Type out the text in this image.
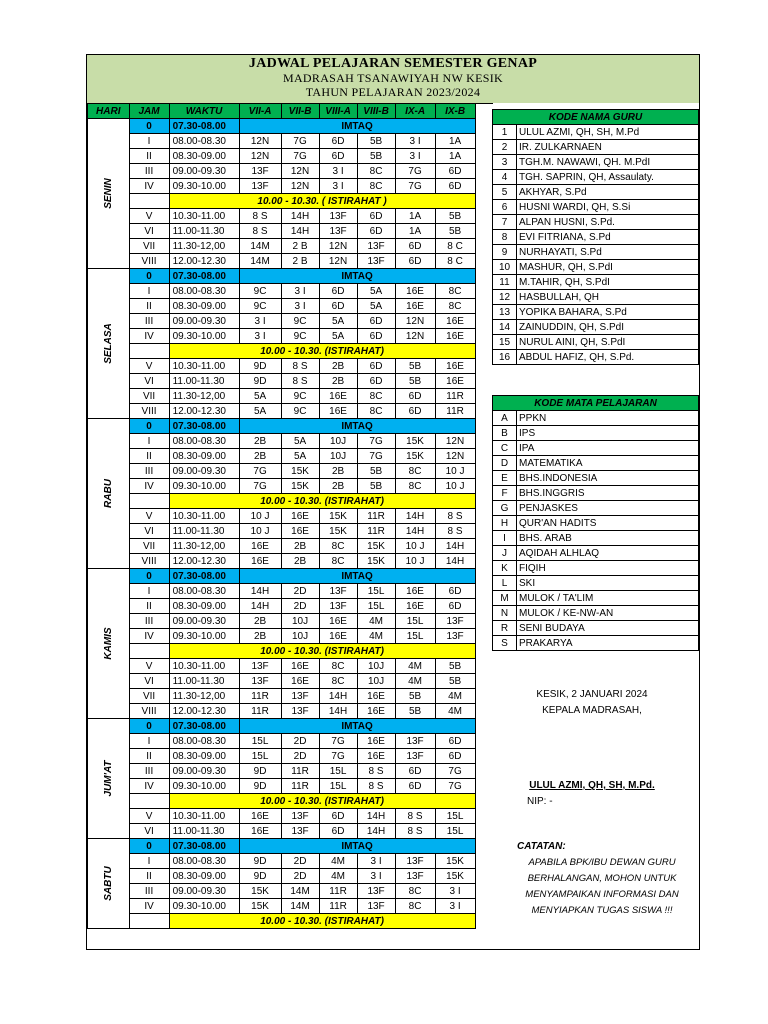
JADWAL PELAJARAN SEMESTER GENAP
MADRASAH TSANAWIYAH NW KESIK
TAHUN PELAJARAN 2023/2024
HARI	JAM	WAKTU	VII-A	VII-B	VIII-A	VIII-B	IX-A	IX-B

SENIN	0	07.30-08.00	IMTAQ					
	I	08.00-08.30	12N	7G	6D	5B	3 I	1A
	II	08.30-09.00	12N	7G	6D	5B	3 I	1A
	III	09.00-09.30	13F	12N	3 I	8C	7G	6D
	IV	09.30-10.00	13F	12N	3 I	8C	7G	6D
		10.00 - 10.30. ( ISTIRAHAT )						
	V	10.30-11.00	8 S	14H	13F	6D	1A	5B
	VI	11.00-11.30	8 S	14H	13F	6D	1A	5B
	VII	11.30-12,00	14M	2 B	12N	13F	6D	8 C
	VIII	12.00-12.30	14M	2 B	12N	13F	6D	8 C

SELASA	0	07.30-08.00	IMTAQ					
	I	08.00-08.30	9C	3 I	6D	5A	16E	8C
	II	08.30-09.00	9C	3 I	6D	5A	16E	8C
	III	09.00-09.30	3 I	9C	5A	6D	12N	16E
	IV	09.30-10.00	3 I	9C	5A	6D	12N	16E
		10.00 - 10.30. (ISTIRAHAT)						
	V	10.30-11.00	9D	8 S	2B	6D	5B	16E
	VI	11.00-11.30	9D	8 S	2B	6D	5B	16E
	VII	11.30-12,00	5A	9C	16E	8C	6D	11R
	VIII	12.00-12.30	5A	9C	16E	8C	6D	11R

RABU	0	07.30-08.00	IMTAQ					
	I	08.00-08.30	2B	5A	10J	7G	15K	12N
	II	08.30-09.00	2B	5A	10J	7G	15K	12N
	III	09.00-09.30	7G	15K	2B	5B	8C	10 J
	IV	09.30-10.00	7G	15K	2B	5B	8C	10 J
		10.00 - 10.30. (ISTIRAHAT)						
	V	10.30-11.00	10 J	16E	15K	11R	14H	8 S
	VI	11.00-11.30	10 J	16E	15K	11R	14H	8 S
	VII	11.30-12,00	16E	2B	8C	15K	10 J	14H
	VIII	12.00-12.30	16E	2B	8C	15K	10 J	14H

KAMIS	0	07.30-08.00	IMTAQ					
	I	08.00-08.30	14H	2D	13F	15L	16E	6D
	II	08.30-09.00	14H	2D	13F	15L	16E	6D
	III	09.00-09.30	2B	10J	16E	4M	15L	13F
	IV	09.30-10.00	2B	10J	16E	4M	15L	13F
		10.00 - 10.30. (ISTIRAHAT)						
	V	10.30-11.00	13F	16E	8C	10J	4M	5B
	VI	11.00-11.30	13F	16E	8C	10J	4M	5B
	VII	11.30-12,00	11R	13F	14H	16E	5B	4M
	VIII	12.00-12.30	11R	13F	14H	16E	5B	4M

JUM'AT	0	07.30-08.00	IMTAQ					
	I	08.00-08.30	15L	2D	7G	16E	13F	6D
	II	08.30-09.00	15L	2D	7G	16E	13F	6D
	III	09.00-09.30	9D	11R	15L	8 S	6D	7G
	IV	09.30-10.00	9D	11R	15L	8 S	6D	7G
		10.00 - 10.30. (ISTIRAHAT)						
	V	10.30-11.00	16E	13F	6D	14H	8 S	15L
	VI	11.00-11.30	16E	13F	6D	14H	8 S	15L

SABTU	0	07.30-08.00	IMTAQ					
	I	08.00-08.30	9D	2D	4M	3 I	13F	15K
	II	08.30-09.00	9D	2D	4M	3 I	13F	15K
	III	09.00-09.30	15K	14M	11R	13F	8C	3 I
	IV	09.30-10.00	15K	14M	11R	13F	8C	3 I
		10.00 - 10.30. (ISTIRAHAT)						

KODE NAMA GURU	
1	ULUL AZMI, QH, SH, M.Pd
2	IR. ZULKARNAEN
3	TGH.M. NAWAWI, QH. M.PdI
4	TGH. SAPRIN, QH, Assaulaty.
5	AKHYAR, S.Pd
6	HUSNI WARDI, QH, S.Si
7	ALPAN HUSNI, S.Pd.
8	EVI FITRIANA, S.Pd
9	NURHAYATI, S.Pd
10	MASHUR, QH, S.PdI
11	M.TAHIR, QH, S.PdI
12	HASBULLAH, QH
13	YOPIKA BAHARA, S.Pd
14	ZAINUDDIN, QH, S.PdI
15	NURUL AINI, QH, S.PdI
16	ABDUL HAFIZ, QH, S.Pd.
KODE MATA PELAJARAN	
A	PPKN
B	IPS
C	IPA
D	MATEMATIKA
E	BHS.INDONESIA
F	BHS.INGGRIS
G	PENJASKES
H	QUR'AN HADITS
I	BHS. ARAB
J	AQIDAH ALHLAQ
K	FIQIH
L	SKI
M	MULOK / TA'LIM
N	MULOK / KE-NW-AN
R	SENI BUDAYA
S	PRAKARYA
KESIK, 2 JANUARI 2024
KEPALA MADRASAH,
ULUL AZMI, QH, SH, M.Pd.
NIP: -
CATATAN:
APABILA BPK/IBU DEWAN GURU
BERHALANGAN, MOHON UNTUK
MENYAMPAIKAN INFORMASI DAN
MENYIAPKAN TUGAS SISWA !!!
